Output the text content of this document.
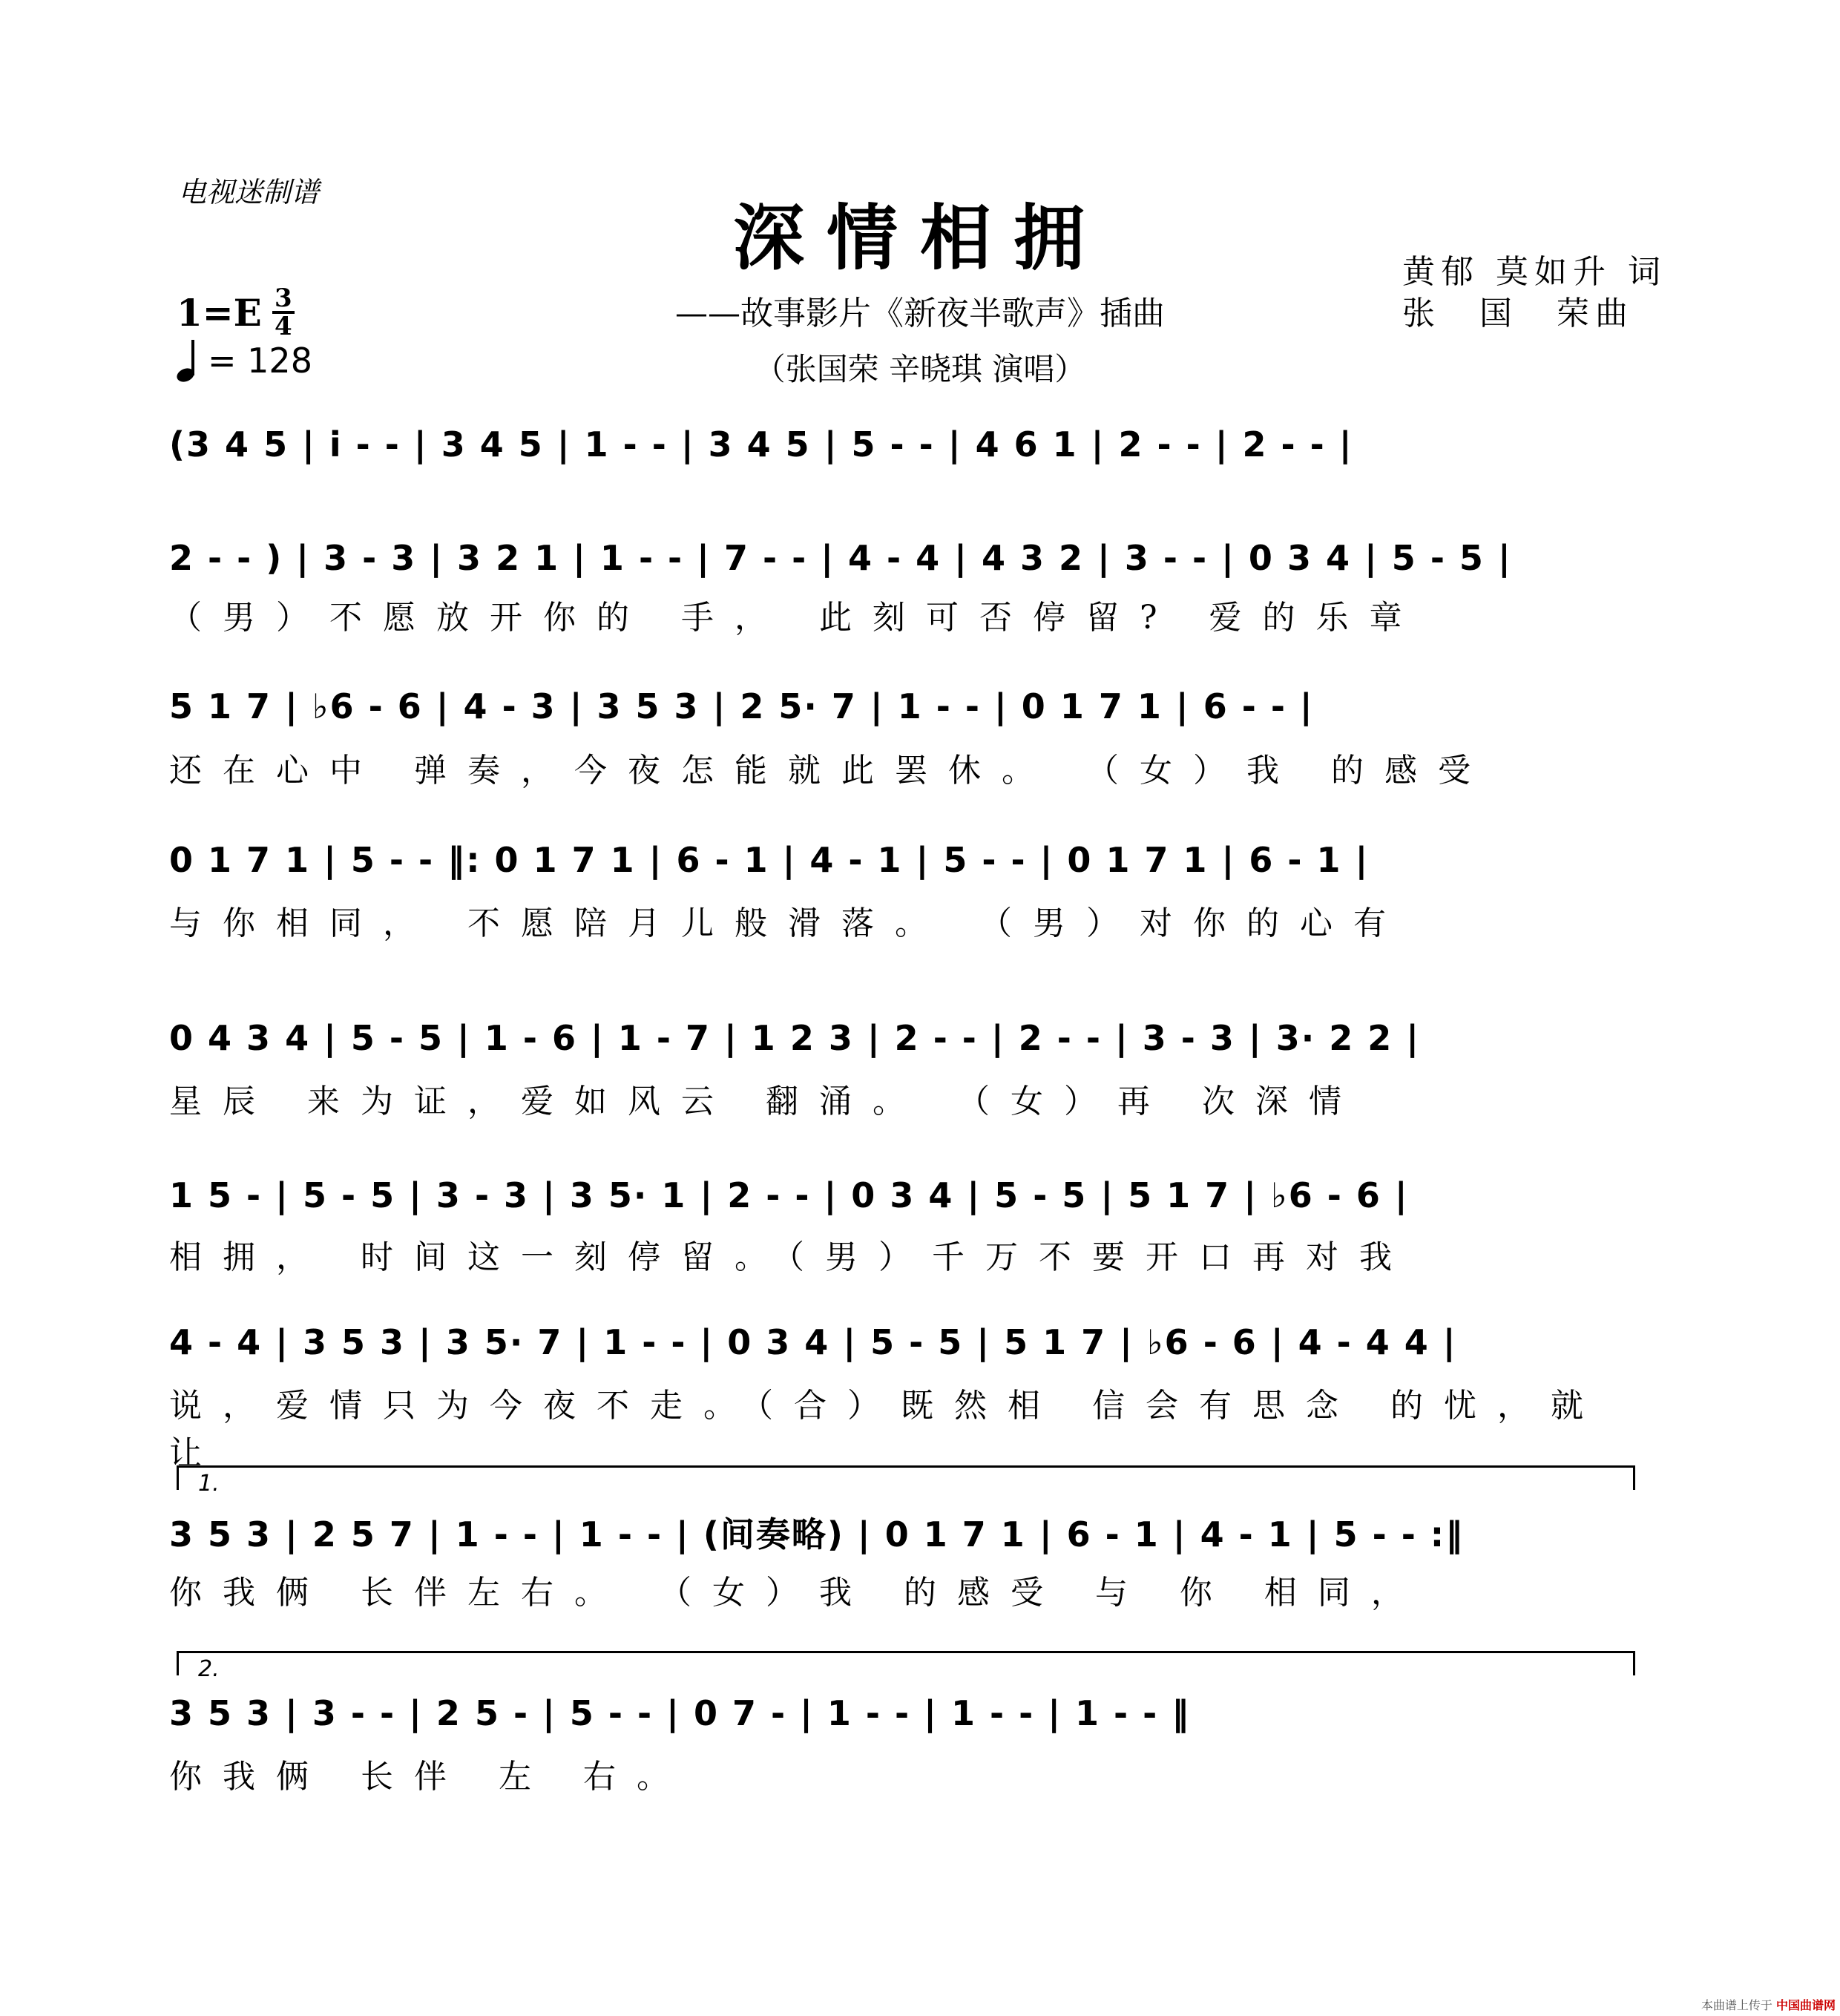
电视迷制谱
深情相拥	黄郁 莫如升 词
张　国　荣曲
——故事影片《新夜半歌声》插曲
（张国荣 辛晓琪 演唱）
$1=E \frac{3}{4}$
= 128
(3 4 5 | i - - | 3 4 5 | 1 - - | 3 4 5 | 5 - - | 4 6 1 | 2 - - | 2 - - |
2 - - ) | 3 - 3 | 3 2 1 | 1 - - | 7 - - | 4 - 4 | 4 3 2 | 3 - - | 0 3 4 | 5 - 5 |
（男）不愿放开你的 手， 此刻可否停留? 爱的乐章
5 1 7 | ♭6 - 6 | 4 - 3 | 3 5 3 | 2 5· 7 | 1 - - | 0 1 7 1 | 6 - - |
还在心中 弹奏，今夜怎能就此罢休。 （女）我 的感受
0 1 7 1 | 5 - - ‖: 0 1 7 1 | 6 - 1 | 4 - 1 | 5 - - | 0 1 7 1 | 6 - 1 |
与你相同， 不愿陪月儿般滑落。 （男）对你的心有
0 4 3 4 | 5 - 5 | 1 - 6 | 1 - 7 | 1 2 3 | 2 - - | 2 - - | 3 - 3 | 3· 2 2 |
星辰 来为证，爱如风云 翻涌。 （女）再 次深情
1 5 - | 5 - 5 | 3 - 3 | 3 5· 1 | 2 - - | 0 3 4 | 5 - 5 | 5 1 7 | ♭6 - 6 |
相拥， 时间这一刻停留。（男）千万不要开口再对我
4 - 4 | 3 5 3 | 3 5· 7 | 1 - - | 0 3 4 | 5 - 5 | 5 1 7 | ♭6 - 6 | 4 - 4 4 |
说，爱情只为今夜不走。（合）既然相 信会有思念 的忧，就让
1.
3 5 3 | 2 5 7 | 1 - - | 1 - - | (间奏略) | 0 1 7 1 | 6 - 1 | 4 - 1 | 5 - - :‖
你我俩 长伴左右。 （女）我 的感受 与 你 相同，
2.
3 5 3 | 3 - - | 2 5 - | 5 - - | 0 7 - | 1 - - | 1 - - | 1 - - ‖
你我俩 长伴 左 右。
本曲谱上传于 中国曲谱网
